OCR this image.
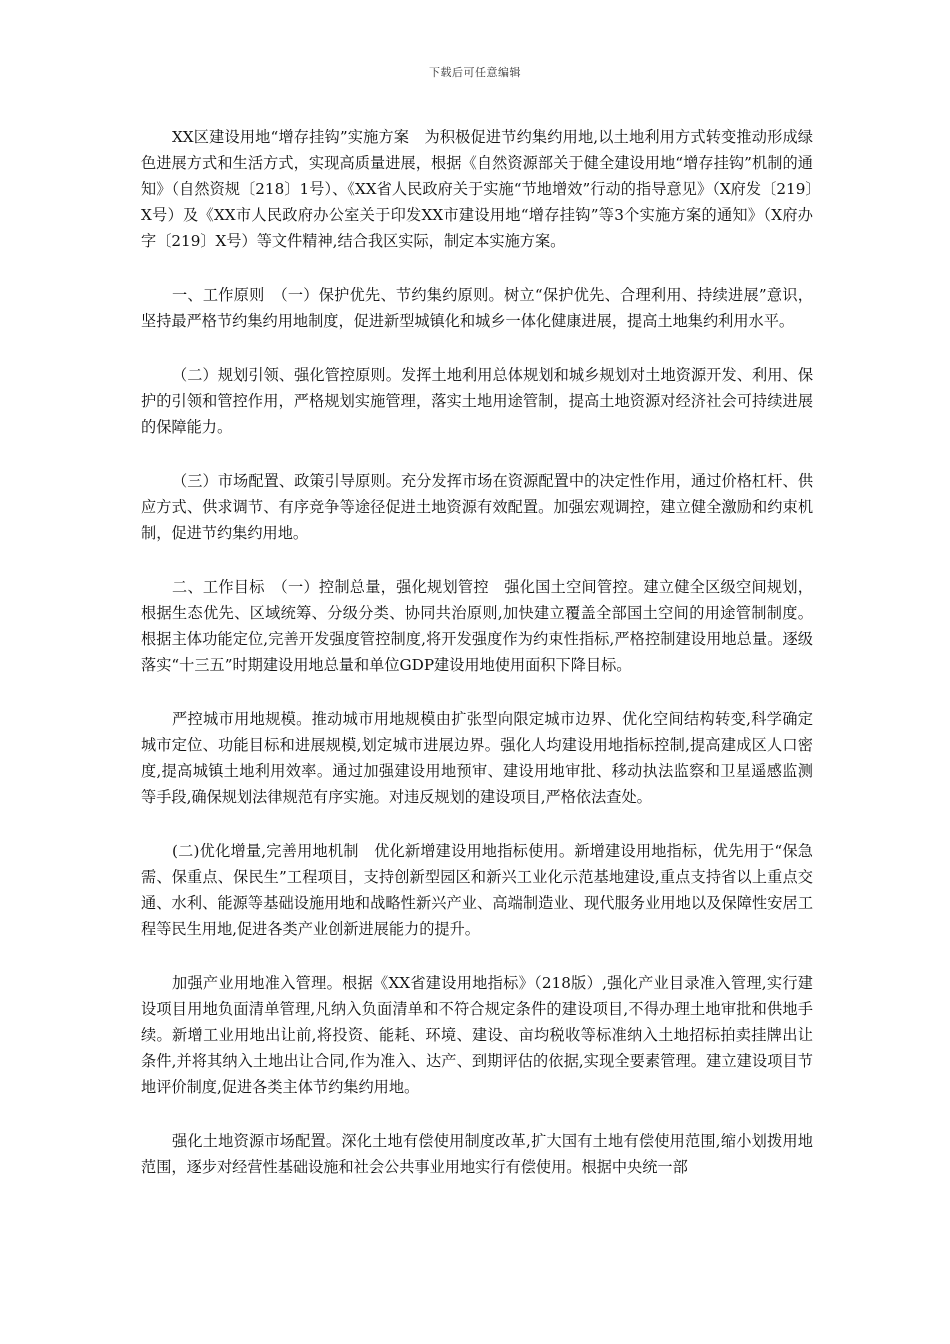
下载后可任意编辑

XX区建设用地“增存挂钩”实施方案　为积极促进节约集约用地,以土地利用方式转变推动形成绿色进展方式和生活方式，实现高质量进展，根据《自然资源部关于健全建设用地“增存挂钩”机制的通知》（自然资规〔218〕1号）、《XX省人民政府关于实施“节地增效”行动的指导意见》（X府发〔219〕X号）及《XX市人民政府办公室关于印发XX市建设用地“增存挂钩”等3个实施方案的通知》（X府办字〔219〕X号）等文件精神,结合我区实际，制定本实施方案。

一、工作原则　（一）保护优先、节约集约原则。树立“保护优先、合理利用、持续进展”意识，坚持最严格节约集约用地制度，促进新型城镇化和城乡一体化健康进展，提高土地集约利用水平。

（二）规划引领、强化管控原则。发挥土地利用总体规划和城乡规划对土地资源开发、利用、保护的引领和管控作用，严格规划实施管理，落实土地用途管制，提高土地资源对经济社会可持续进展的保障能力。

（三）市场配置、政策引导原则。充分发挥市场在资源配置中的决定性作用，通过价格杠杆、供应方式、供求调节、有序竞争等途径促进土地资源有效配置。加强宏观调控，建立健全激励和约束机制，促进节约集约用地。

二、工作目标　（一）控制总量，强化规划管控　强化国土空间管控。建立健全区级空间规划，根据生态优先、区域统筹、分级分类、协同共治原则,加快建立覆盖全部国土空间的用途管制制度。根据主体功能定位,完善开发强度管控制度,将开发强度作为约束性指标,严格控制建设用地总量。逐级落实“十三五”时期建设用地总量和单位GDP建设用地使用面积下降目标。

严控城市用地规模。推动城市用地规模由扩张型向限定城市边界、优化空间结构转变,科学确定城市定位、功能目标和进展规模,划定城市进展边界。强化人均建设用地指标控制,提高建成区人口密度,提高城镇土地利用效率。通过加强建设用地预审、建设用地审批、移动执法监察和卫星遥感监测等手段,确保规划法律规范有序实施。对违反规划的建设项目,严格依法查处。

(二)优化增量,完善用地机制　优化新增建设用地指标使用。新增建设用地指标，优先用于“保急需、保重点、保民生”工程项目，支持创新型园区和新兴工业化示范基地建设,重点支持省以上重点交通、水利、能源等基础设施用地和战略性新兴产业、高端制造业、现代服务业用地以及保障性安居工程等民生用地,促进各类产业创新进展能力的提升。

加强产业用地准入管理。根据《XX省建设用地指标》（218版）,强化产业目录准入管理,实行建设项目用地负面清单管理,凡纳入负面清单和不符合规定条件的建设项目,不得办理土地审批和供地手续。新增工业用地出让前,将投资、能耗、环境、建设、亩均税收等标准纳入土地招标拍卖挂牌出让条件,并将其纳入土地出让合同,作为准入、达产、到期评估的依据,实现全要素管理。建立建设项目节地评价制度,促进各类主体节约集约用地。

强化土地资源市场配置。深化土地有偿使用制度改革,扩大国有土地有偿使用范围,缩小划拨用地范围，逐步对经营性基础设施和社会公共事业用地实行有偿使用。根据中央统一部
